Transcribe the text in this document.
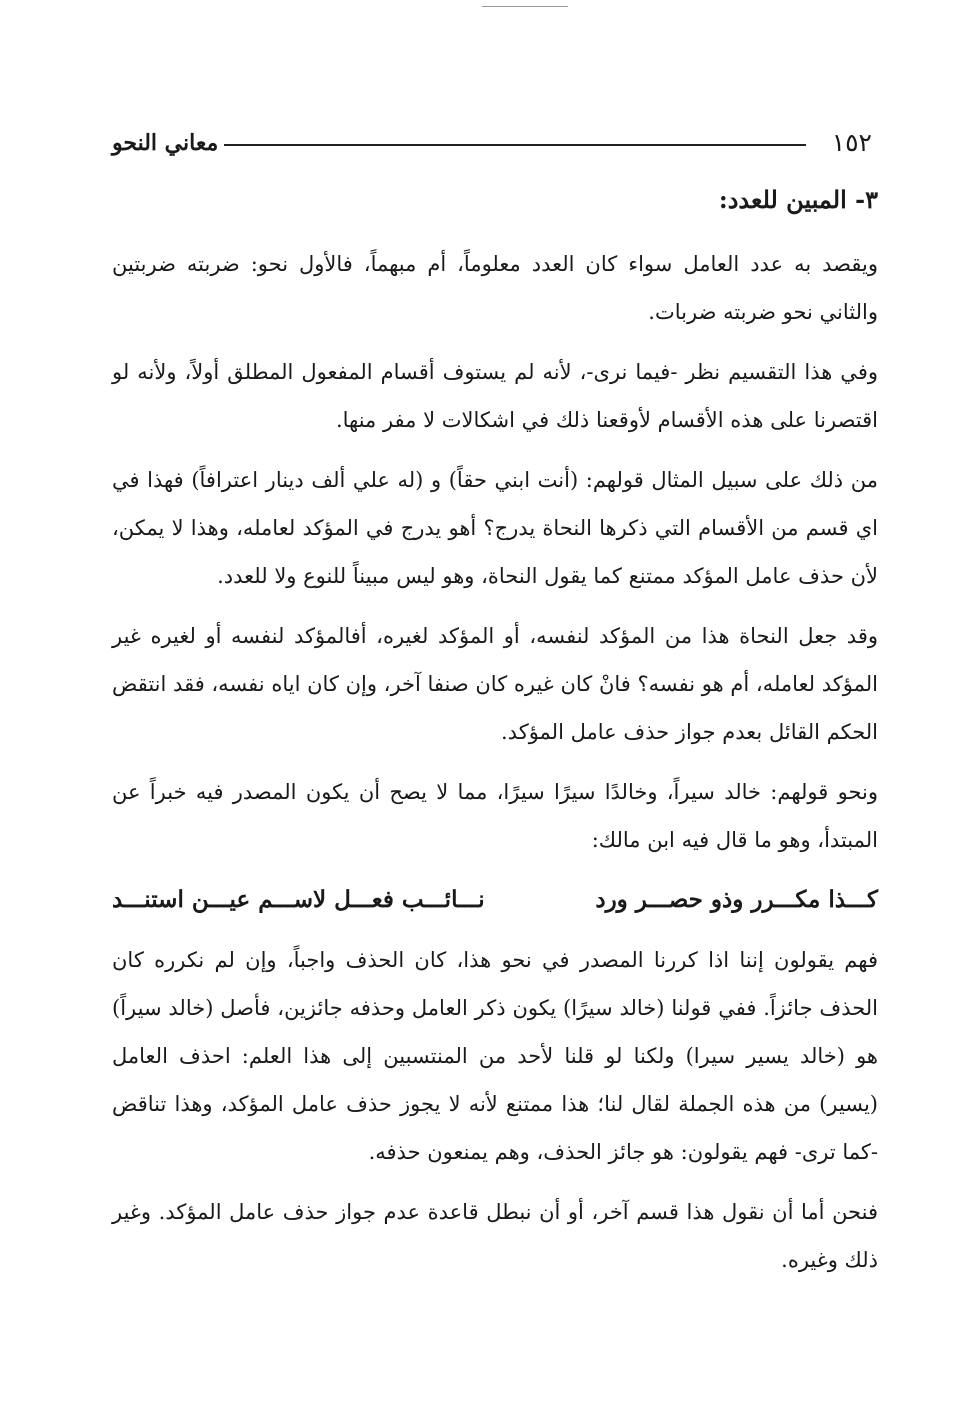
١٥٢
معاني النحو
٣- المبين للعدد:

ويقصد به عدد العامل سواء كان العدد معلوماً، أم مبهماً، فالأول نحو: ضربته ضربتين والثاني نحو ضربته ضربات.

وفي هذا التقسيم نظر -فيما نرى-، لأنه لم يستوف أقسام المفعول المطلق أولاً، ولأنه لو اقتصرنا على هذه الأقسام لأوقعنا ذلك في اشكالات لا مفر منها.

من ذلك على سبيل المثال قولهم: (أنت ابني حقاً) و (له علي ألف دينار اعترافاً) فهذا في اي قسم من الأقسام التي ذكرها النحاة يدرج؟ أهو يدرج في المؤكد لعامله، وهذا لا يمكن، لأن حذف عامل المؤكد ممتنع كما يقول النحاة، وهو ليس مبيناً للنوع ولا للعدد.

وقد جعل النحاة هذا من المؤكد لنفسه، أو المؤكد لغيره، أفالمؤكد لنفسه أو لغيره غير المؤكد لعامله، أم هو نفسه؟ فانْ كان غيره كان صنفا آخر، وإن كان اياه نفسه، فقد انتقض الحكم القائل بعدم جواز حذف عامل المؤكد.

ونحو قولهم: خالد سيراً، وخالدًا سيرًا سيرًا، مما لا يصح أن يكون المصدر فيه خبراً عن المبتدأ، وهو ما قال فيه ابن مالك:

كـــذا مكـــرر وذو حصـــر ورد
نـــائـــب فعـــل لاســـم عيـــن استنـــد

فهم يقولون إننا اذا كررنا المصدر في نحو هذا، كان الحذف واجباً، وإن لم نكرره كان الحذف جائزاً. ففي قولنا (خالد سيرًا) يكون ذكر العامل وحذفه جائزين، فأصل (خالد سيراً) هو (خالد يسير سيرا) ولكنا لو قلنا لأحد من المنتسبين إلى هذا العلم: احذف العامل (يسير) من هذه الجملة لقال لنا؛ هذا ممتنع لأنه لا يجوز حذف عامل المؤكد، وهذا تناقض -كما ترى- فهم يقولون: هو جائز الحذف، وهم يمنعون حذفه.

فنحن أما أن نقول هذا قسم آخر، أو أن نبطل قاعدة عدم جواز حذف عامل المؤكد. وغير ذلك وغيره.
